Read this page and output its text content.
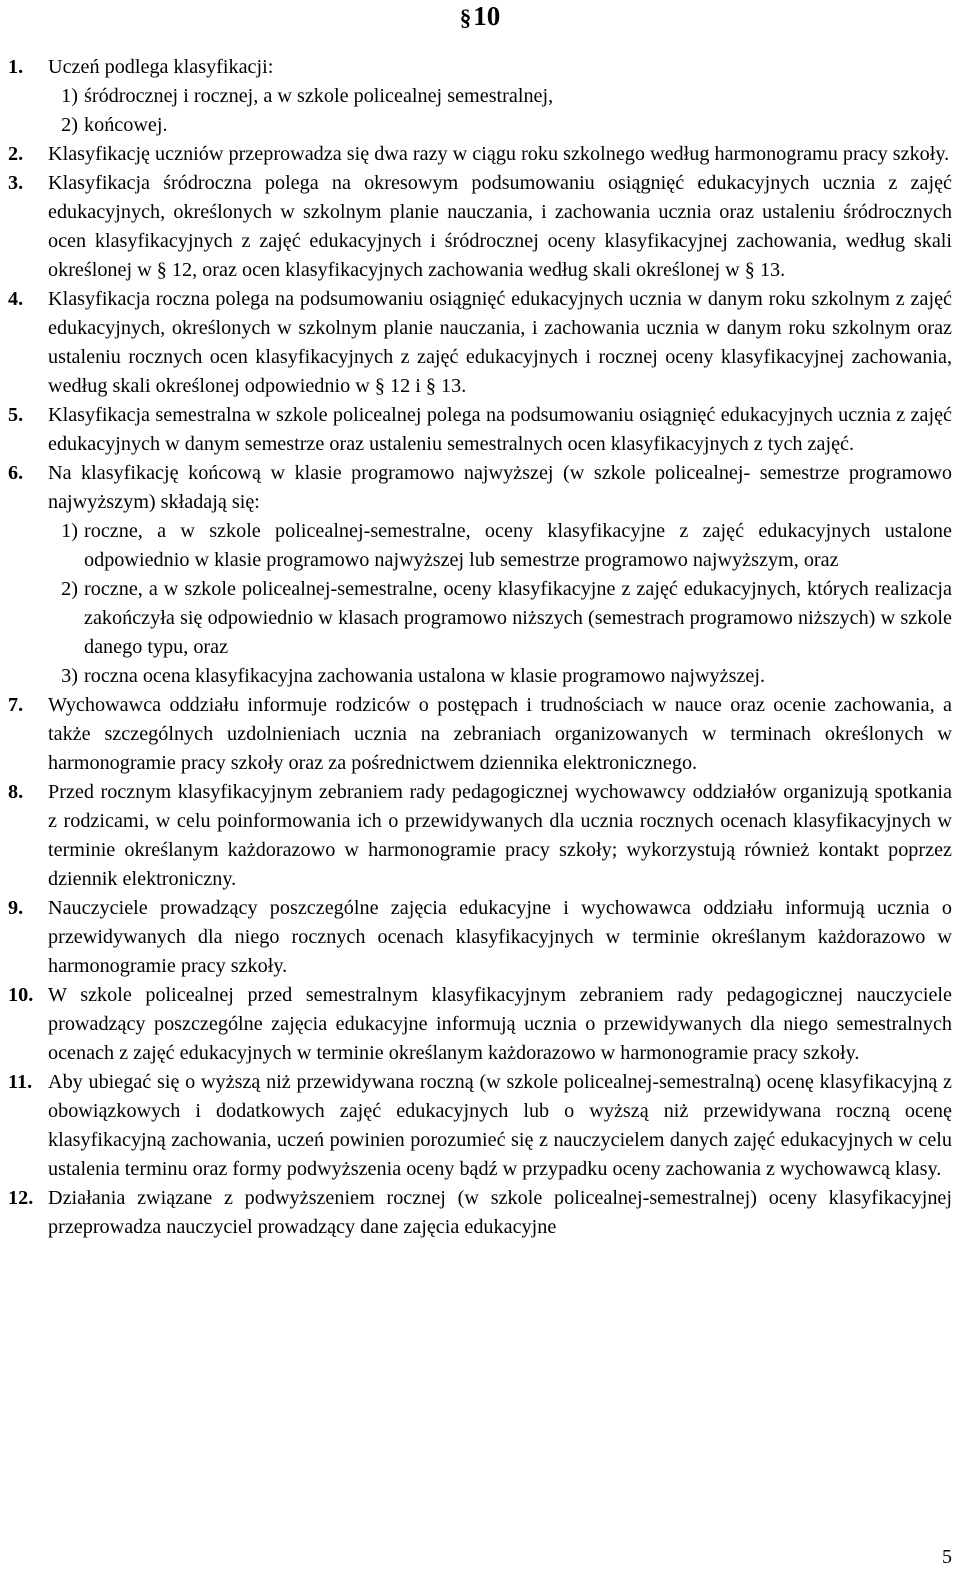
§10
1.	Uczeń podlega klasyfikacji:
1) śródrocznej i rocznej, a w szkole policealnej semestralnej,
2) końcowej.
2.	Klasyfikację uczniów przeprowadza się dwa razy w ciągu roku szkolnego według harmonogramu pracy szkoły.
3.	Klasyfikacja śródroczna polega na okresowym podsumowaniu osiągnięć edukacyjnych ucznia z zajęć edukacyjnych, określonych w szkolnym planie nauczania, i zachowania ucznia oraz ustaleniu śródrocznych ocen klasyfikacyjnych z zajęć edukacyjnych i śródrocznej oceny klasyfikacyjnej zachowania, według skali określonej w § 12, oraz ocen klasyfikacyjnych zachowania według skali określonej w § 13.
4.	Klasyfikacja roczna polega na podsumowaniu osiągnięć edukacyjnych ucznia w danym roku szkolnym z zajęć edukacyjnych, określonych w szkolnym planie nauczania, i zachowania ucznia w danym roku szkolnym oraz ustaleniu rocznych ocen klasyfikacyjnych z zajęć edukacyjnych i rocznej oceny klasyfikacyjnej zachowania, według skali określonej odpowiednio w § 12 i § 13.
5.	Klasyfikacja semestralna w szkole policealnej polega na podsumowaniu osiągnięć edukacyjnych ucznia z zajęć edukacyjnych w danym semestrze oraz ustaleniu semestralnych ocen klasyfikacyjnych z tych zajęć.
6.	Na klasyfikację końcową w klasie programowo najwyższej (w szkole policealnej- semestrze programowo najwyższym) składają się:
1) roczne, a w szkole policealnej-semestralne, oceny klasyfikacyjne z zajęć edukacyjnych ustalone odpowiednio w klasie programowo najwyższej lub semestrze programowo najwyższym, oraz
2) roczne, a w szkole policealnej-semestralne, oceny klasyfikacyjne z zajęć edukacyjnych, których realizacja zakończyła się odpowiednio w klasach programowo niższych (semestrach programowo niższych) w szkole danego typu, oraz
3) roczna ocena klasyfikacyjna zachowania ustalona w klasie programowo najwyższej.
7.	Wychowawca oddziału informuje rodziców o postępach i trudnościach w nauce oraz ocenie zachowania, a także szczególnych uzdolnieniach ucznia na zebraniach organizowanych w terminach określonych w harmonogramie pracy szkoły oraz za pośrednictwem dziennika elektronicznego.
8.	Przed rocznym klasyfikacyjnym zebraniem rady pedagogicznej wychowawcy oddziałów organizują spotkania z rodzicami, w celu poinformowania ich o przewidywanych dla ucznia rocznych ocenach klasyfikacyjnych w terminie określanym każdorazowo w harmonogramie pracy szkoły; wykorzystują również kontakt poprzez dziennik elektroniczny.
9.	Nauczyciele prowadzący poszczególne zajęcia edukacyjne i wychowawca oddziału informują ucznia o przewidywanych dla niego rocznych ocenach klasyfikacyjnych w terminie określanym każdorazowo w harmonogramie pracy szkoły.
10. W szkole policealnej przed semestralnym klasyfikacyjnym zebraniem rady pedagogicznej nauczyciele prowadzący poszczególne zajęcia edukacyjne informują ucznia o przewidywanych dla niego semestralnych ocenach z zajęć edukacyjnych w terminie określanym każdorazowo w harmonogramie pracy szkoły.
11. Aby ubiegać się o wyższą niż przewidywana roczną (w szkole policealnej-semestralną) ocenę klasyfikacyjną z obowiązkowych i dodatkowych zajęć edukacyjnych lub o wyższą niż przewidywana roczną ocenę klasyfikacyjną zachowania, uczeń powinien porozumieć się z nauczycielem danych zajęć edukacyjnych w celu ustalenia terminu oraz formy podwyższenia oceny bądź w przypadku oceny zachowania z wychowawcą klasy.
12. Działania związane z podwyższeniem rocznej (w szkole policealnej-semestralnej) oceny klasyfikacyjnej przeprowadza nauczyciel prowadzący dane zajęcia edukacyjne
5
